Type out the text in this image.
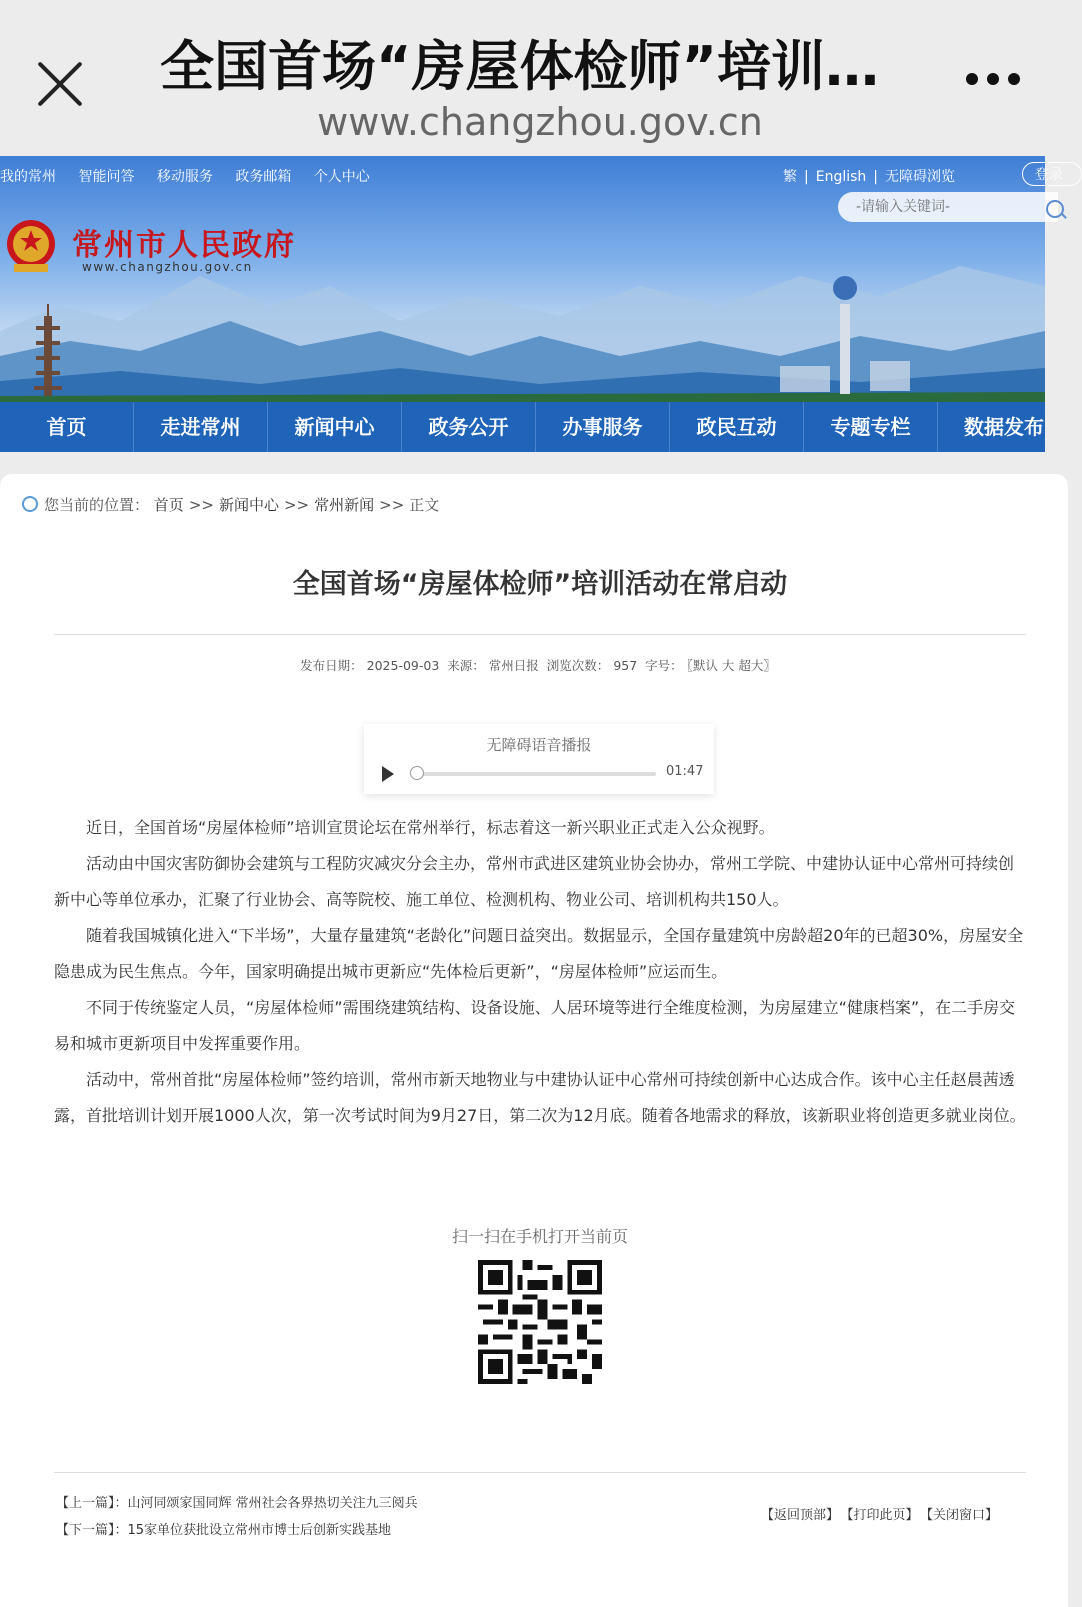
全国首场“房屋体检师”培训…
www.changzhou.gov.cn
我的常州 智能问答 移动服务 政务邮箱 个人中心	繁 | English | 无障碍浏览	登录
-请输入关键词-
常州市人民政府
www.changzhou.gov.cn
首页	走进常州	新闻中心	政务公开	办事服务	政民互动	专题专栏	数据发布
您当前的位置： 首页 >> 新闻中心 >> 常州新闻 >> 正文
全国首场“房屋体检师”培训活动在常启动
发布日期： 2025-09-03 来源： 常州日报 浏览次数： 957 字号： 〖默认 大 超大〗
无障碍语音播报
01:47

近日，全国首场“房屋体检师”培训宣贯论坛在常州举行，标志着这一新兴职业正式走入公众视野。

活动由中国灾害防御协会建筑与工程防灾减灾分会主办，常州市武进区建筑业协会协办，常州工学院、中建协认证中心常州可持续创新中心等单位承办，汇聚了行业协会、高等院校、施工单位、检测机构、物业公司、培训机构共150人。

随着我国城镇化进入“下半场”，大量存量建筑“老龄化”问题日益突出。数据显示，全国存量建筑中房龄超20年的已超30%，房屋安全隐患成为民生焦点。今年，国家明确提出城市更新应“先体检后更新”，“房屋体检师”应运而生。

不同于传统鉴定人员，“房屋体检师”需围绕建筑结构、设备设施、人居环境等进行全维度检测，为房屋建立“健康档案”，在二手房交易和城市更新项目中发挥重要作用。

活动中，常州首批“房屋体检师”签约培训，常州市新天地物业与中建协认证中心常州可持续创新中心达成合作。该中心主任赵晨茜透露，首批培训计划开展1000人次，第一次考试时间为9月27日，第二次为12月底。随着各地需求的释放，该新职业将创造更多就业岗位。

扫一扫在手机打开当前页
【上一篇】：山河同颂家国同辉 常州社会各界热切关注九三阅兵
【下一篇】：15家单位获批设立常州市博士后创新实践基地
【返回顶部】 【打印此页】 【关闭窗口】
